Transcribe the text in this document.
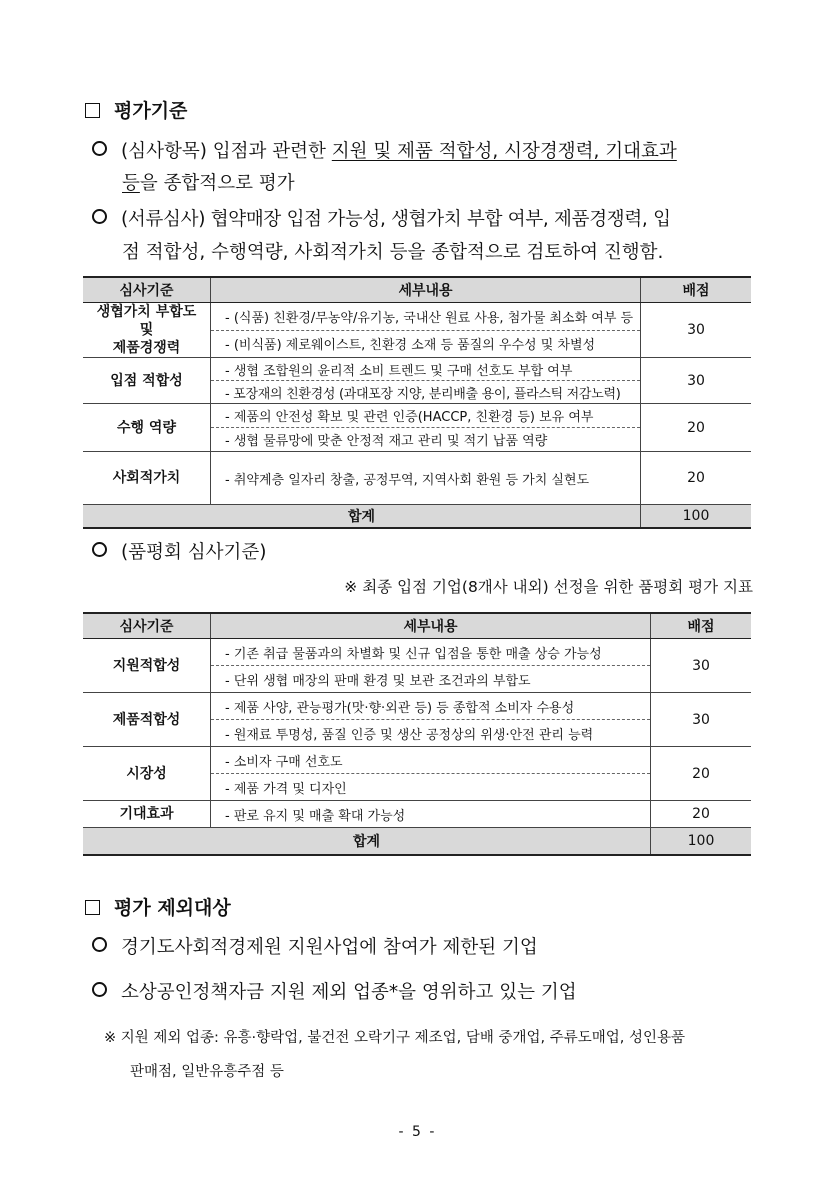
평가기준
(심사항목) 입점과 관련한 지원 및 제품 적합성, 시장경쟁력, 기대효과
등을 종합적으로 평가
(서류심사) 협약매장 입점 가능성, 생협가치 부합 여부, 제품경쟁력, 입
점 적합성, 수행역량, 사회적가치 등을 종합적으로 검토하여 진행함.
심사기준	세부내용	배점
생협가치 부합도
및
제품경쟁력	- (식품) 친환경/무농약/유기농, 국내산 원료 사용, 첨가물 최소화 여부 등	30
	- (비식품) 제로웨이스트, 친환경 소재 등 품질의 우수성 및 차별성	
입점 적합성	- 생협 조합원의 윤리적 소비 트렌드 및 구매 선호도 부합 여부	30
	- 포장재의 친환경성 (과대포장 지양, 분리배출 용이, 플라스틱 저감노력)	
수행 역량	- 제품의 안전성 확보 및 관련 인증(HACCP, 친환경 등) 보유 여부	20
	- 생협 물류망에 맞춘 안정적 재고 관리 및 적기 납품 역량	
사회적가치	- 취약계층 일자리 창출, 공정무역, 지역사회 환원 등 가치 실현도	20
합계		100
(품평회 심사기준)
※ 최종 입점 기업(8개사 내외) 선정을 위한 품평회 평가 지표
심사기준	세부내용	배점
지원적합성	- 기존 취급 물품과의 차별화 및 신규 입점을 통한 매출 상승 가능성	30
	- 단위 생협 매장의 판매 환경 및 보관 조건과의 부합도	
제품적합성	- 제품 사양, 관능평가(맛·향·외관 등) 등 종합적 소비자 수용성	30
	- 원재료 투명성, 품질 인증 및 생산 공정상의 위생·안전 관리 능력	
시장성	- 소비자 구매 선호도	20
	- 제품 가격 및 디자인	
기대효과	- 판로 유지 및 매출 확대 가능성	20
합계		100
평가 제외대상
경기도사회적경제원 지원사업에 참여가 제한된 기업
소상공인정책자금 지원 제외 업종*을 영위하고 있는 기업
※ 지원 제외 업종: 유흥·향락업, 불건전 오락기구 제조업, 담배 중개업, 주류도매업, 성인용품
판매점, 일반유흥주점 등
- 5 -
